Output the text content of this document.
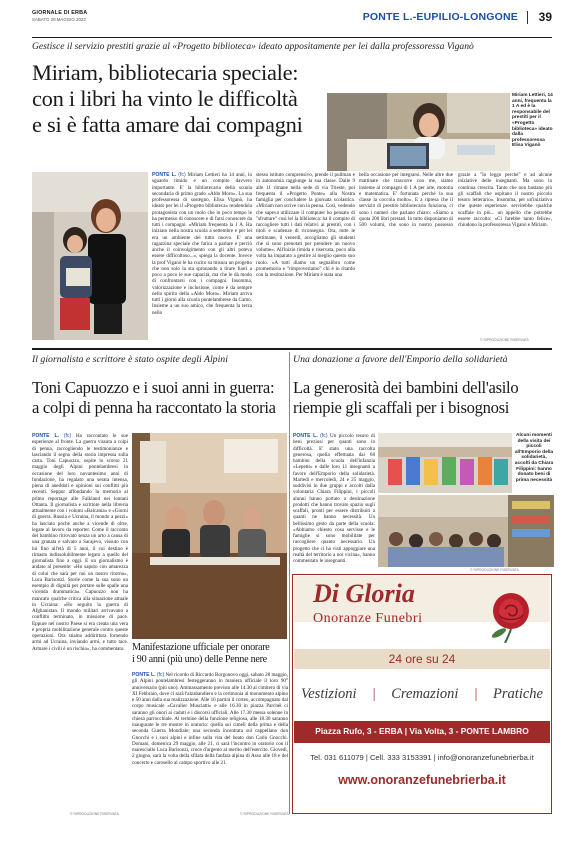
GIORNALE DI ERBA
SABATO 28 MAGGIO 2022	PONTE L.-EUPILIO-LONGONE 39
Gestisce il servizio prestiti grazie al «Progetto biblioteca» ideato appositamente per lei dalla professoressa Viganò
Miriam, bibliotecaria speciale:
con i libri ha vinto le difficoltà
e si è fatta amare dai compagni
Miriam Lettieri, 14 anni, frequenta la 1 A ed è la responsabile del prestiti per il «Progetto biblioteca» ideato dalla professoressa Elisa Viganò
PONTE L. (fc) Miriam Lettieri ha 14 anni, lo sguardo timido e un compito davvero importante. E' la bibliotecaria della scuola secondaria di primo grado «Aldo Moro». La sua professoressa di sostegno, Elisa Viganò, ha ideato per lei il «Progetto biblioteca» rendendola protagonista con un ruolo che in poco tempo le ha permesso di conoscere e di farsi conoscere da tutti i compagni. «Miriam frequenta la 1 A. Ha iniziato nella nostra scuola a settembre e per lei era un ambiente del tutto nuovo. E' una ragazzina speciale che fatica a parlare e perciò anche il coinvolgimento con gli altri poteva essere difficoltoso...», spiega la docente. Invece la prof Viganò le ha cucito su misura un progetto che non solo la sta spronando a tirare fuori a poco a poco le sue capacità, ma che le dà modo di confrontarsi con i compagni. Insomma, valorizzazione e inclusione, come è da sempre nello spirito della «Aldo Moro». Miriam arriva tutti i giorni alla scuola pontelambrese da Camo. Insieme a un suo amico, che frequenta la terza nello
stesso istituto comprensivo, prende il pullman e in autonomia raggiunge la sua classe. Dalle 9 alle 11 rimane nella sede di via Trieste, poi frequenta il «Progetto Ponte» alla Nostra famiglia per concludere la giornata scolastica. «Miriam non scrive con la penna. Così, vedendo che sapeva utilizzare il computer ho pensato di "sfruttare" così lei la biblioteca: ha il compito di raccogliere tutti i dati relativi ai prestiti, con i titoli e scadenze di riconsegna. Ora, tutte le settimane, il venerdì, accogliamo gli studenti che si sono prenotati per prendere un nuovo volume». All'inizio timida e riservata, poco alla volta ha imparato a gestire al meglio questo suo ruolo. «A tutti diamo un segnalibro come promemoria e "rimproveriamo" chi è in ritardo con la restituzione. Per Miriam è stata una
bella occasione per integrarsi. Nelle altre due mattinate che trascorre con me, siamo insieme al compagni di 1 A per arte, motoria e matematica. E' fortunata perché la sua classe la coccola molto». E a ripresa che il servizio di prestito bibliotecario funziona, ci sono i numeri che parlano chiaro: «Siamo a quota 200 libri prestati. In tutto disponiamo di 500 volumi, che sono in nostro possesso grazie a "Io leggo perché" e ad alcune iniziative delle insegnanti. Ma sono in continua crescita. Tanto che non bastano più gli scaffali che ospitano il nostro piccolo tesoro letterario». Insomma, per un'iniziativa che queste esperienze. servirebbe qualche scaffale in più... un appello che potrebbe essere raccolto: «Ci farebbe tanto felice», chiudono la professoressa Viganò e Miriam.
© RIPRODUZIONE RISERVATA
Il giornalista e scrittore è stato ospite degli Alpini
Toni Capuozzo e i suoi anni in guerra:
a colpi di penna ha raccontato la storia
PONTE L. (fc) Ha raccontato le sue esperienze al fronte. La guerra vissuta a colpi di penna, raccogliendo le testimonianze e lasciando il segno della storia impressa sulla carta. Toni Capuozzo, ospite lo scorso 21 maggio degli Alpini pontelambresi in occasione del loro novantesimo anni di fondazione, ha regalato una serata intensa, piena di aneddoti e opinioni sui conflitti più recenti. Seppur affondando la memoria al primo reportage alle Falkland nei lontani Ottanta. Il giornalista e scrittore nella libreria attualmente con i volumi «Balcania» e «Giorni di guerra. Russia e Ucraina, il mondo a pezzi» ha lasciato poche anche a vicende di oltre, legate al lavoro da reporter. Come il racconto del bambino ritrovato senza un arto a causa di una granata e salvato a Sarajevo, vissuto con lui fino all'età di 5 anni, il cui destino è rimasto indissolubilmente legato a quello del giornalista fino a oggi. E un giornalismo è andato al presente: «Ho saputo con amarezza di colui che sarà per noi un nostro ritorno», Luca Barisonzi. Storie come la sua sono un esempio di dignità per portare sulle spalle una vicenda drammatica». Capuozzo non ha mancato qualche critica alla situazione attuale in Ucraina: «Ho seguito la guerra di Afghanistan. Il mondo militari arrivavano a conflitto terminato, in missione di pace. Eppure nel nostro Paese si era creata una vera e propria mobilitazione generale contro queste operazioni. Ora stiamo addirittura fornendo armi ad Ucraina, inviando armi, e tutto tace. Armare i civili è un rischio», ha commentato.
© RIPRODUZIONE RISERVATA
Manifestazione ufficiale per onorare
i 90 anni (più uno) delle Penne nere
PONTE L. (fc) Nel ricordo di Riccardo Borgonovo oggi, sabato 28 maggio, gli Alpini pontelambresi festeggeranno in maniera ufficiale il loro 90° anniversario (più uno). Ammassamento previsto alle 14.30 al cimitero di via XI Febbraio, dove ci sarà l'alzabandiero e la cerimonia al monumento alpino e 50 anni dalla sua realizzazione. Alle 16 partirà il corteo, accompagnato dal corpo musicale «Cavalier Musciatti» e alle 16.30 in piazza Parchéi ci saranno gli onori ai caduti e i discorsi ufficiali. Alle 17.30 messa solenne in chiesa parrocchiale. Al termine della funzione religiosa, alle 18.30 saranno inaugurate le tre mostre in oratorio: quella sui cimeli della prima e della seconda Guerra Mondiale; una seconda incentrata sul cappellano don Gnocchi e i suoi alpini e infine sulla vita del beato don Carlo Gnocchi. Domani, domenica 29 maggio, alle 21, ci sarà l'incontro in oratorio con il maresciallo Luca Barisonzi, croce d'argento al merito dell'esercito. Giovedì, 2 giugno, sarà la volta della sfilata della fanfara alpina di Asso alle 18 e del concerto e carosello al campo sportivo alle 21.
© RIPRODUZIONE RISERVATA
Una donazione a favore dell'Emporio della solidarietà
La generosità dei bambini dell'asilo
riempie gli scaffali per i bisognosi
PONTE L. (fc) Un piccolo tesoro di beni preziosi per quanti sono in difficoltà. E' stato una raccolta generosa, quella effettuata dai 68 bambini della scuola dell'infanzia «Lepetit» e dalle loro 11 insegnanti a favore dell'Emporio della solidarietà. Martedì e mercoledì, 24 e 25 maggio, suddivisi in due gruppi e accolti dalla volontaria Chiara Filippini, i piccoli alunni hanno portato a destinazione prodotti che hanno trovato spazio sugli scaffali, pronti per essere distribuiti a quanti ne hanno necessità. Un bellissimo gesto da parte della scuola: «Abbiamo chiesto cosa servisse e le famiglie si sono mobilitate per raccogliere quanto necessario. Un progetto che ci ha visti appoggiare una realtà del territorio a noi vicina», hanno commentato le insegnanti.
Alcuni momenti della visita dei piccoli all'Emporio della solidarietà, accolti da Chiara Filippini: hanno donato beni di prima necessità
© RIPRODUZIONE RISERVATA
Di Gloria
Onoranze Funebri
24 ore su 24
Vestizioni | Cremazioni | Pratiche
Piazza Rufo, 3 - ERBA | Via Volta, 3 - PONTE LAMBRO
Tel. 031 611079 | Cell. 333 3153391 | info@onoranzefunebrierba.it
www.onoranzefunebrierba.it
